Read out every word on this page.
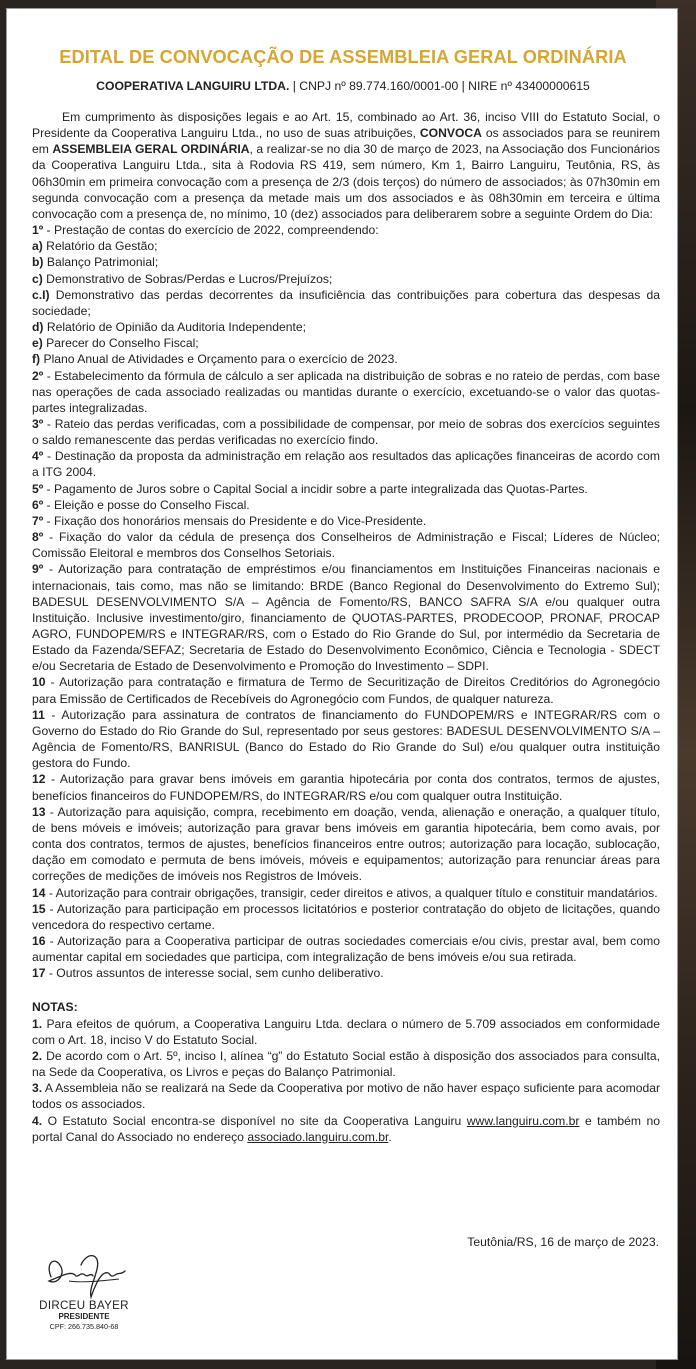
EDITAL DE CONVOCAÇÃO DE ASSEMBLEIA GERAL ORDINÁRIA
COOPERATIVA LANGUIRU LTDA. | CNPJ nº 89.774.160/0001-00 | NIRE nº 43400000615

Em cumprimento às disposições legais e ao Art. 15, combinado ao Art. 36, inciso VIII do Estatuto Social, o Presidente da Cooperativa Languiru Ltda., no uso de suas atribuições, CONVOCA os associados para se reunirem em ASSEMBLEIA GERAL ORDINÁRIA, a realizar-se no dia 30 de março de 2023, na Associação dos Funcionários da Cooperativa Languiru Ltda., sita à Rodovia RS 419, sem número, Km 1, Bairro Languiru, Teutônia, RS, às 06h30min em primeira convocação com a presença de 2/3 (dois terços) do número de associados; às 07h30min em segunda convocação com a presença da metade mais um dos associados e às 08h30min em terceira e última convocação com a presença de, no mínimo, 10 (dez) associados para deliberarem sobre a seguinte Ordem do Dia:

1º - Prestação de contas do exercício de 2022, compreendendo:

a) Relatório da Gestão;

b) Balanço Patrimonial;

c) Demonstrativo de Sobras/Perdas e Lucros/Prejuízos;

c.I) Demonstrativo das perdas decorrentes da insuficiência das contribuições para cobertura das despesas da sociedade;

d) Relatório de Opinião da Auditoria Independente;

e) Parecer do Conselho Fiscal;

f) Plano Anual de Atividades e Orçamento para o exercício de 2023.

2º - Estabelecimento da fórmula de cálculo a ser aplicada na distribuição de sobras e no rateio de perdas, com base nas operações de cada associado realizadas ou mantidas durante o exercício, excetuando-se o valor das quotas-partes integralizadas.

3º - Rateio das perdas verificadas, com a possibilidade de compensar, por meio de sobras dos exercícios seguintes o saldo remanescente das perdas verificadas no exercício findo.

4º - Destinação da proposta da administração em relação aos resultados das aplicações financeiras de acordo com a ITG 2004.

5º - Pagamento de Juros sobre o Capital Social a incidir sobre a parte integralizada das Quotas-Partes.

6º - Eleição e posse do Conselho Fiscal.

7º - Fixação dos honorários mensais do Presidente e do Vice-Presidente.

8º - Fixação do valor da cédula de presença dos Conselheiros de Administração e Fiscal; Líderes de Núcleo; Comissão Eleitoral e membros dos Conselhos Setoriais.

9º - Autorização para contratação de empréstimos e/ou financiamentos em Instituições Financeiras nacionais e internacionais, tais como, mas não se limitando: BRDE (Banco Regional do Desenvolvimento do Extremo Sul); BADESUL DESENVOLVIMENTO S/A – Agência de Fomento/RS, BANCO SAFRA S/A e/ou qualquer outra Instituição. Inclusive investimento/giro, financiamento de QUOTAS-PARTES, PRODECOOP, PRONAF, PROCAP AGRO, FUNDOPEM/RS e INTEGRAR/RS, com o Estado do Rio Grande do Sul, por intermédio da Secretaria de Estado da Fazenda/SEFAZ; Secretaria de Estado do Desenvolvimento Econômico, Ciência e Tecnologia - SDECT e/ou Secretaria de Estado de Desenvolvimento e Promoção do Investimento – SDPI.

10 - Autorização para contratação e firmatura de Termo de Securitização de Direitos Creditórios do Agronegócio para Emissão de Certificados de Recebíveis do Agronegócio com Fundos, de qualquer natureza.

11 - Autorização para assinatura de contratos de financiamento do FUNDOPEM/RS e INTEGRAR/RS com o Governo do Estado do Rio Grande do Sul, representado por seus gestores: BADESUL DESENVOLVIMENTO S/A – Agência de Fomento/RS, BANRISUL (Banco do Estado do Rio Grande do Sul) e/ou qualquer outra instituição gestora do Fundo.

12 - Autorização para gravar bens imóveis em garantia hipotecária por conta dos contratos, termos de ajustes, benefícios financeiros do FUNDOPEM/RS, do INTEGRAR/RS e/ou com qualquer outra Instituição.

13 - Autorização para aquisição, compra, recebimento em doação, venda, alienação e oneração, a qualquer título, de bens móveis e imóveis; autorização para gravar bens imóveis em garantia hipotecária, bem como avais, por conta dos contratos, termos de ajustes, benefícios financeiros entre outros; autorização para locação, sublocação, dação em comodato e permuta de bens imóveis, móveis e equipamentos; autorização para renunciar áreas para correções de medições de imóveis nos Registros de Imóveis.

14 - Autorização para contrair obrigações, transigir, ceder direitos e ativos, a qualquer título e constituir mandatários.

15 - Autorização para participação em processos licitatórios e posterior contratação do objeto de licitações, quando vencedora do respectivo certame.

16 - Autorização para a Cooperativa participar de outras sociedades comerciais e/ou civis, prestar aval, bem como aumentar capital em sociedades que participa, com integralização de bens imóveis e/ou sua retirada.

17 - Outros assuntos de interesse social, sem cunho deliberativo.

NOTAS:

1. Para efeitos de quórum, a Cooperativa Languiru Ltda. declara o número de 5.709 associados em conformidade com o Art. 18, inciso V do Estatuto Social.

2. De acordo com o Art. 5º, inciso I, alínea “g” do Estatuto Social estão à disposição dos associados para consulta, na Sede da Cooperativa, os Livros e peças do Balanço Patrimonial.

3. A Assembleia não se realizará na Sede da Cooperativa por motivo de não haver espaço suficiente para acomodar todos os associados.

4. O Estatuto Social encontra-se disponível no site da Cooperativa Languiru www.languiru.com.br e também no portal Canal do Associado no endereço associado.languiru.com.br.

Teutônia/RS, 16 de março de 2023.
DIRCEU BAYER
PRESIDENTE
CPF: 266.735.840-68
